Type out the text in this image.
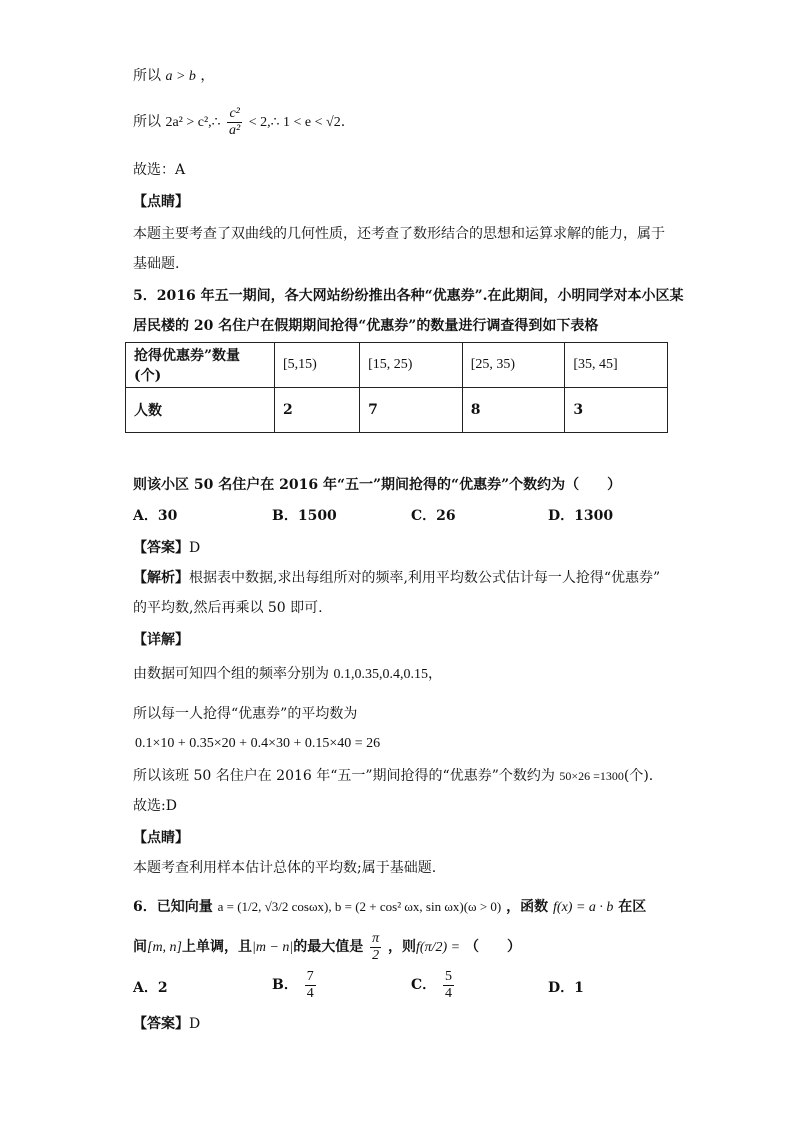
所以 a > b ，
所以 2a² > c²,∴ $\frac{\text{c²}}{\text{a²}}$ < 2,∴ 1 < e < √2.
故选：A
【点睛】
本题主要考查了双曲线的几何性质，还考查了数形结合的思想和运算求解的能力，属于
基础题.
5．2016 年五一期间，各大网站纷纷推出各种“优惠券”.在此期间，小明同学对本小区某
居民楼的 20 名住户在假期期间抢得“优惠券”的数量进行调查得到如下表格
抢得优惠券”数量(个)	[5,15)	[15, 25)	[25, 35)	[35, 45]
人数	2	7	8	3
则该小区 50 名住户在 2016 年“五一”期间抢得的“优惠券”个数约为（　　）
A．30	B．1500	C．26	D．1300
【答案】D
【解析】根据表中数据,求出每组所对的频率,利用平均数公式估计每一人抢得“优惠券”
的平均数,然后再乘以 50 即可.
【详解】
由数据可知四个组的频率分别为 0.1,0.35,0.4,0.15，
所以每一人抢得“优惠券”的平均数为
0.1×10 + 0.35×20 + 0.4×30 + 0.15×40 = 26
所以该班 50 名住户在 2016 年“五一”期间抢得的“优惠券”个数约为 50×26 =1300(个).
故选:D
【点睛】
本题考查利用样本估计总体的平均数;属于基础题.
6．已知向量 a = (1/2, √3/2 cosωx), b = (2 + cos² ωx, sin ωx)(ω > 0) ，函数 f(x) = a · b 在区
间[m, n]上单调，且|m − n|的最大值是 $\frac{\pi}{2}$ ，则f(π/2) = （　　）
A．2	B． $\frac{7}{4}$	C． $\frac{5}{4}$	D．1
【答案】D
